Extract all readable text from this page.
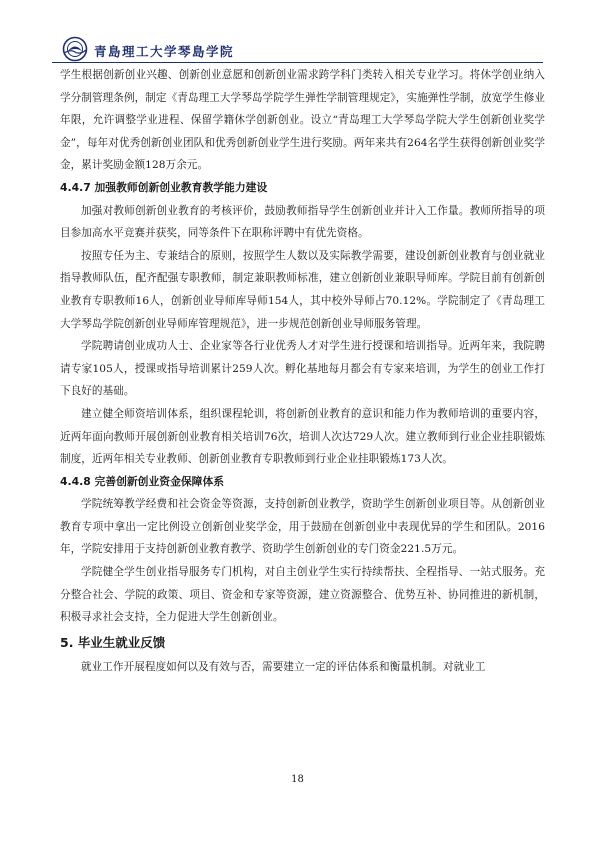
青島理工大学琴島学院

学生根据创新创业兴趣、创新创业意愿和创新创业需求跨学科门类转入相关专业学习。将休学创业纳入学分制管理条例，制定《青岛理工大学琴岛学院学生弹性学制管理规定》，实施弹性学制，放宽学生修业年限，允许调整学业进程、保留学籍休学创新创业。设立“青岛理工大学琴岛学院大学生创新创业奖学金”，每年对优秀创新创业团队和优秀创新创业学生进行奖励。两年来共有264名学生获得创新创业奖学金，累计奖励金额128万余元。

4.4.7 加强教师创新创业教育教学能力建设

加强对教师创新创业教育的考核评价，鼓励教师指导学生创新创业并计入工作量。教师所指导的项目参加高水平竞赛并获奖，同等条件下在职称评聘中有优先资格。

按照专任为主、专兼结合的原则，按照学生人数以及实际教学需要，建设创新创业教育与创业就业指导教师队伍，配齐配强专职教师，制定兼职教师标准，建立创新创业兼职导师库。学院目前有创新创业教育专职教师16人，创新创业导师库导师154人，其中校外导师占70.12%。学院制定了《青岛理工大学琴岛学院创新创业导师库管理规范》，进一步规范创新创业导师服务管理。

学院聘请创业成功人士、企业家等各行业优秀人才对学生进行授课和培训指导。近两年来，我院聘请专家105人，授课或指导培训累计259人次。孵化基地每月都会有专家来培训，为学生的创业工作打下良好的基础。

建立健全师资培训体系，组织课程轮训，将创新创业教育的意识和能力作为教师培训的重要内容，近两年面向教师开展创新创业教育相关培训76次，培训人次达729人次。建立教师到行业企业挂职锻炼制度，近两年相关专业教师、创新创业教育专职教师到行业企业挂职锻炼173人次。

4.4.8 完善创新创业资金保障体系

学院统筹教学经费和社会资金等资源，支持创新创业教学，资助学生创新创业项目等。从创新创业教育专项中拿出一定比例设立创新创业奖学金，用于鼓励在创新创业中表现优异的学生和团队。2016年，学院安排用于支持创新创业教育教学、资助学生创新创业的专门资金221.5万元。

学院健全学生创业指导服务专门机构，对自主创业学生实行持续帮扶、全程指导、一站式服务。充分整合社会、学院的政策、项目、资金和专家等资源，建立资源整合、优势互补、协同推进的新机制，积极寻求社会支持，全力促进大学生创新创业。

5. 毕业生就业反馈

就业工作开展程度如何以及有效与否，需要建立一定的评估体系和衡量机制。对就业工

18
